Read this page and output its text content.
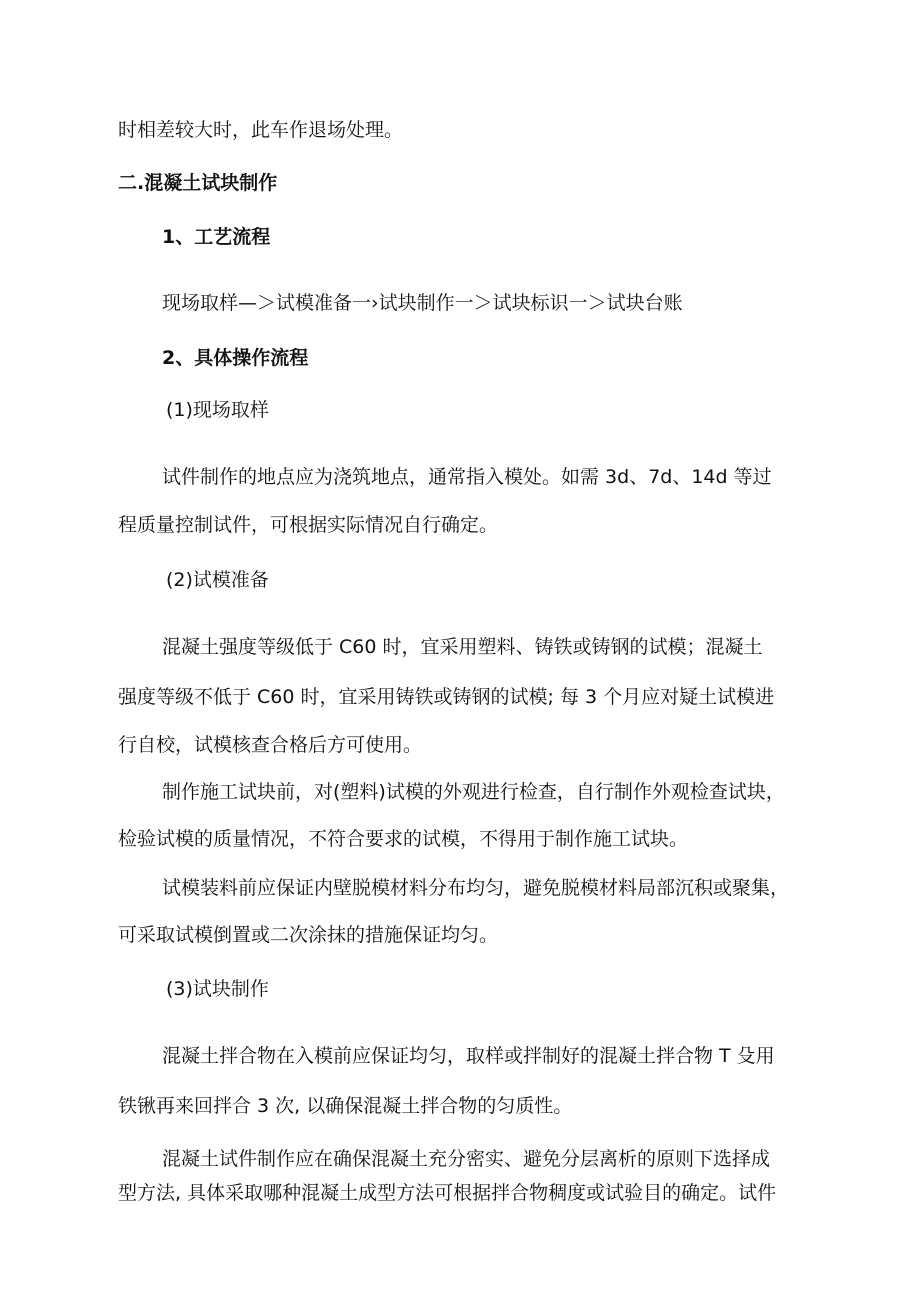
时相差较大时，此车作退场处理。
二.混凝土试块制作
1、工艺流程
现场取样—＞试模准备一›试块制作一＞试块标识一＞试块台账
2、具体操作流程
(1)现场取样
试件制作的地点应为浇筑地点，通常指入模处。如需 3d、7d、14d 等过
程质量控制试件，可根据实际情况自行确定。
(2)试模准备
混凝土强度等级低于 C60 时，宜采用塑料、铸铁或铸钢的试模；混凝土
强度等级不低于 C60 时，宜采用铸铁或铸钢的试模; 每 3 个月应对疑土试模进
行自校，试模核查合格后方可使用。
制作施工试块前，对(塑料)试模的外观进行检查，自行制作外观检查试块，
检验试模的质量情况，不符合要求的试模，不得用于制作施工试块。
试模装料前应保证内壁脱模材料分布均匀，避免脱模材料局部沉积或聚集，
可采取试模倒置或二次涂抹的措施保证均匀。
(3)试块制作
混凝土拌合物在入模前应保证均匀，取样或拌制好的混凝土拌合物 T 殳用
铁锹再来回拌合 3 次, 以确保混凝土拌合物的匀质性。
混凝土试件制作应在确保混凝土充分密实、避免分层离析的原则下选择成
型方法, 具体采取哪种混凝土成型方法可根据拌合物稠度或试验目的确定。试件
